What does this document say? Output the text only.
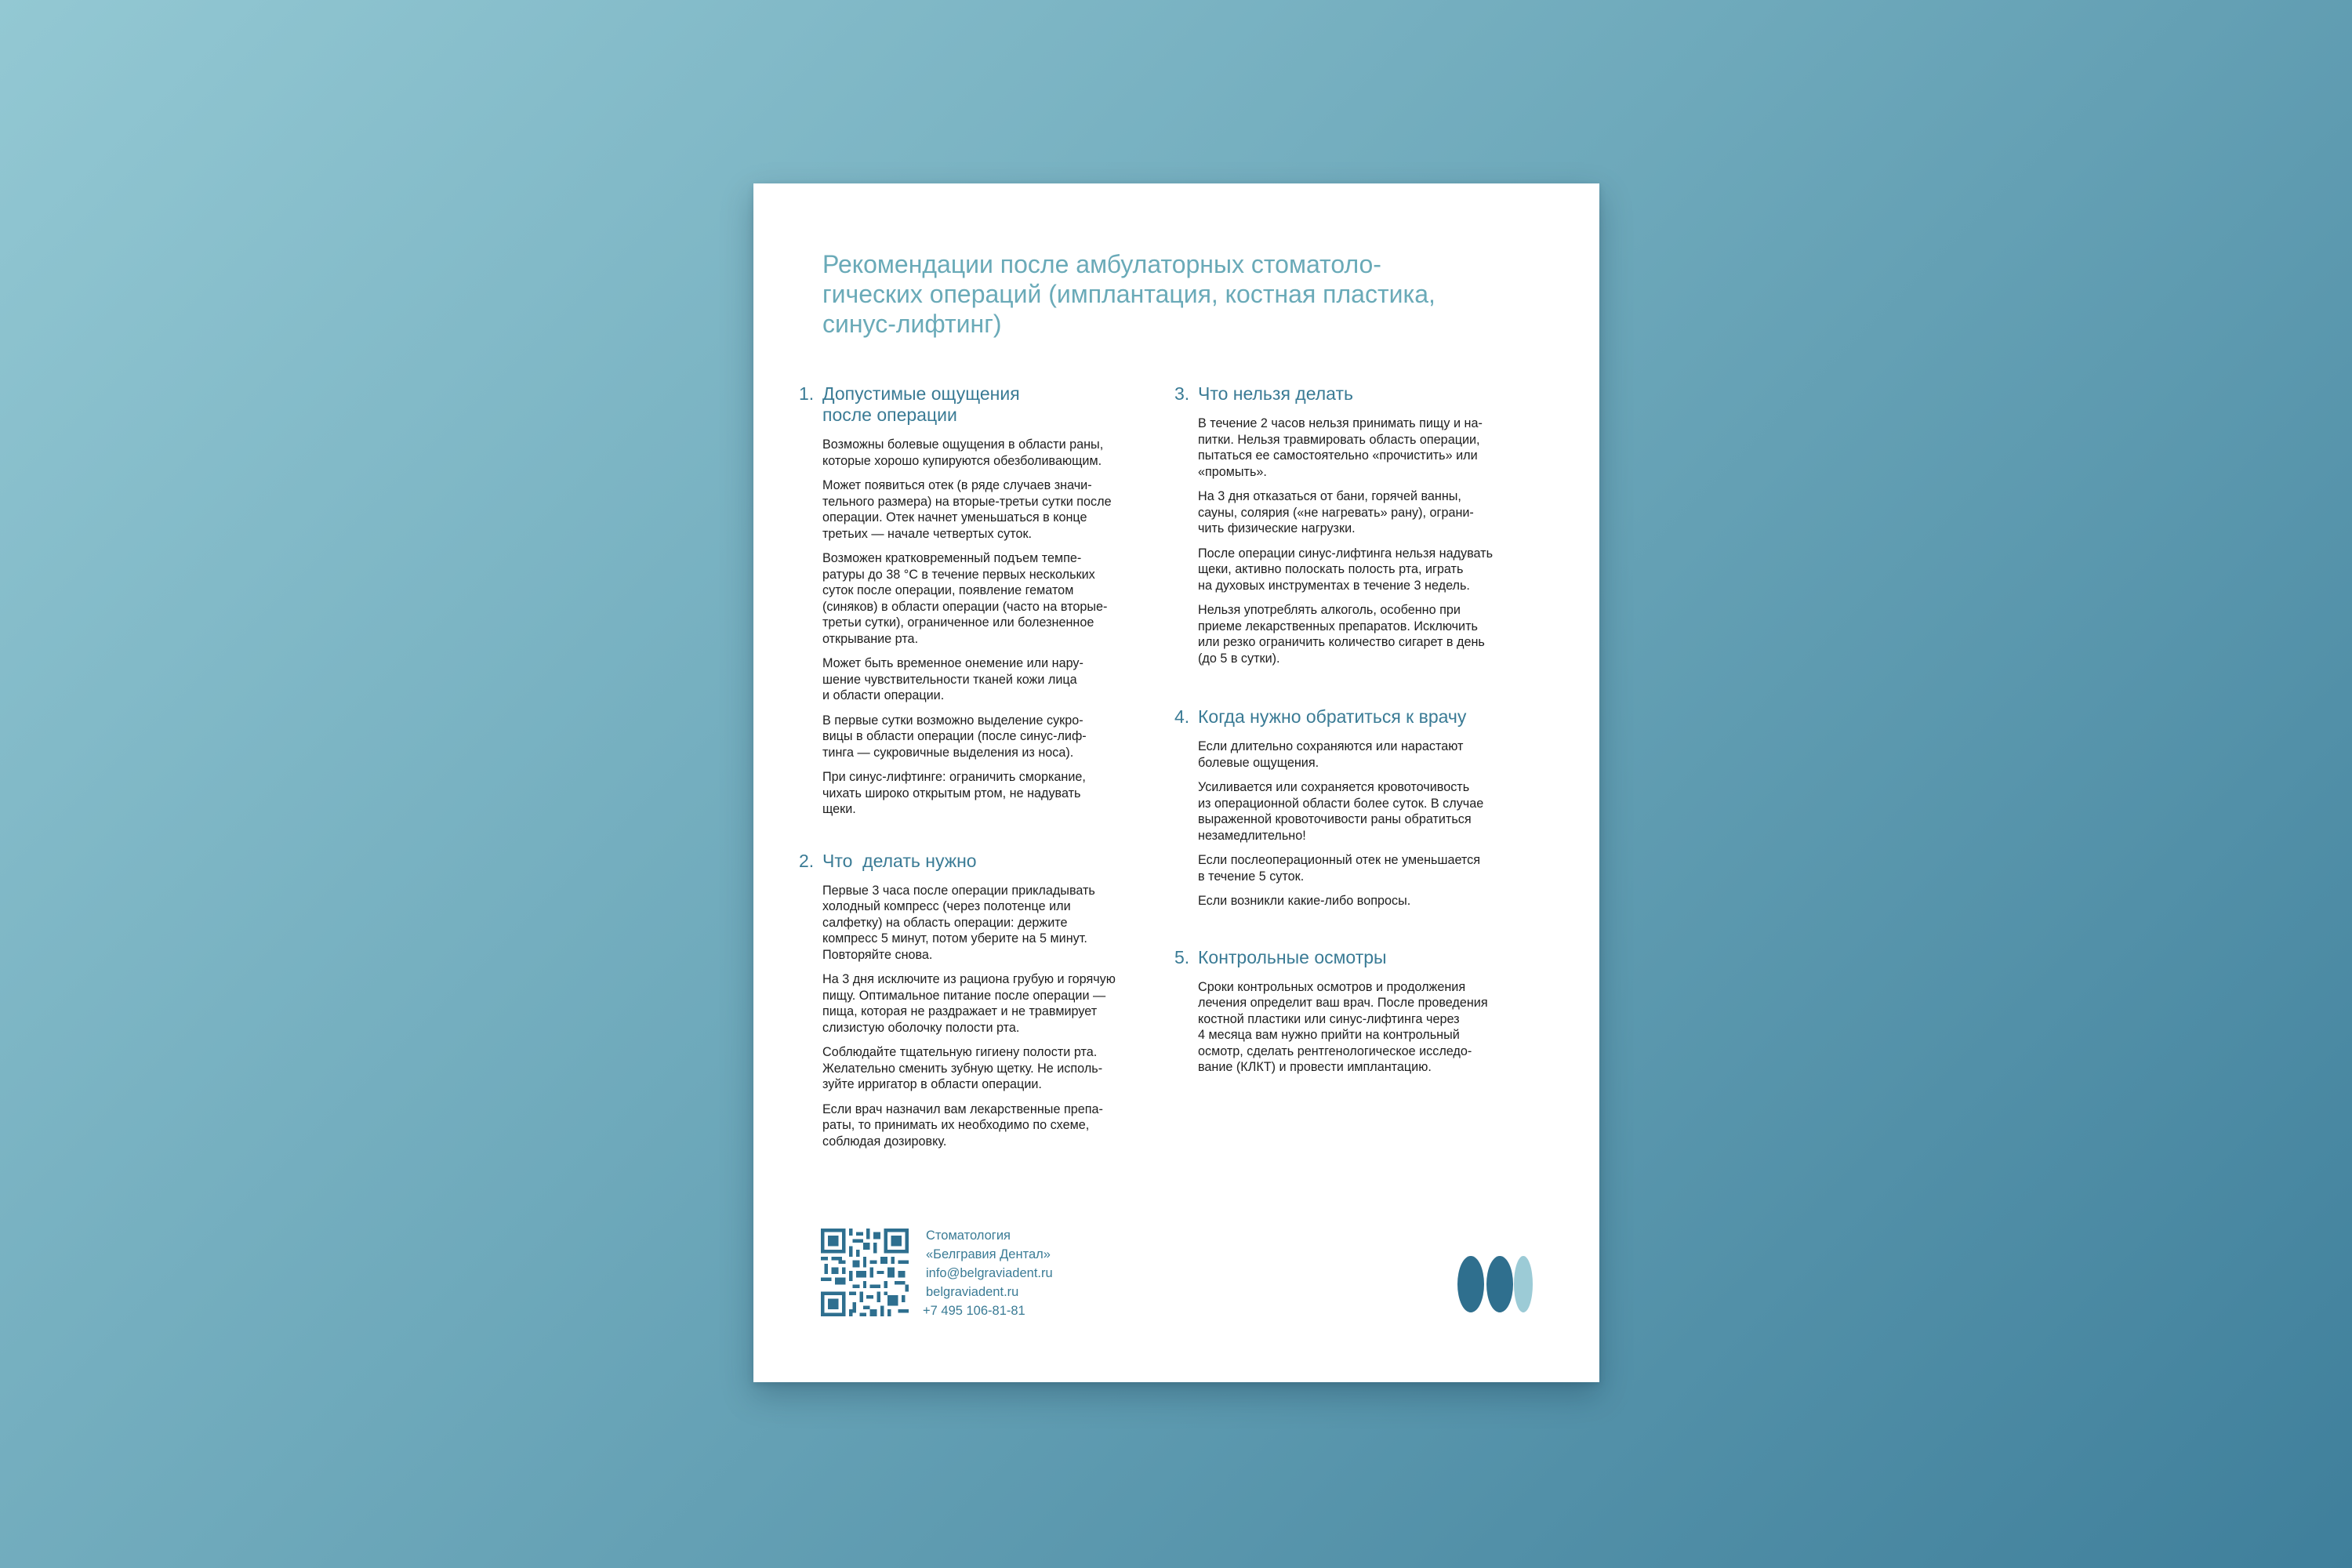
Рекомендации после амбулаторных стоматоло-
гических операций (имплантация, костная пластика,
синус-лифтинг)
1. Допустимые ощущения
после операции

Возможны болевые ощущения в области раны,
которые хорошо купируются обезболивающим.

Может появиться отек (в ряде случаев значи-
тельного размера) на вторые-третьи сутки после
операции. Отек начнет уменьшаться в конце
третьих — начале четвертых суток.

Возможен кратковременный подъем темпе-
ратуры до 38 °C в течение первых нескольких
суток после операции, появление гематом
(синяков) в области операции (часто на вторые-
третьи сутки), ограниченное или болезненное
открывание рта.

Может быть временное онемение или нару-
шение чувствительности тканей кожи лица
и области операции.

В первые сутки возможно выделение сукро-
вицы в области операции (после синус-лиф-
тинга — сукровичные выделения из носа).

При синус-лифтинге: ограничить сморкание,
чихать широко открытым ртом, не надувать
щеки.

2. Что  делать нужно

Первые 3 часа после операции прикладывать
холодный компресс (через полотенце или
салфетку) на область операции: держите
компресс 5 минут, потом уберите на 5 минут.
Повторяйте снова.

На 3 дня исключите из рациона грубую и горячую
пищу. Оптимальное питание после операции —
пища, которая не раздражает и не травмирует
слизистую оболочку полости рта.

Соблюдайте тщательную гигиену полости рта.
Желательно сменить зубную щетку. Не исполь-
зуйте ирригатор в области операции.

Если врач назначил вам лекарственные препа-
раты, то принимать их необходимо по схеме,
соблюдая дозировку.

3. Что нельзя делать

В течение 2 часов нельзя принимать пищу и на-
питки. Нельзя травмировать область операции,
пытаться ее самостоятельно «прочистить» или
«промыть».

На 3 дня отказаться от бани, горячей ванны,
сауны, солярия («не нагревать» рану), ограни-
чить физические нагрузки.

После операции синус-лифтинга нельзя надувать
щеки, активно полоскать полость рта, играть
на духовых инструментах в течение 3 недель.

Нельзя употреблять алкоголь, особенно при
приеме лекарственных препаратов. Исключить
или резко ограничить количество сигарет в день
(до 5 в сутки).

4. Когда нужно обратиться к врачу

Если длительно сохраняются или нарастают
болевые ощущения.

Усиливается или сохраняется кровоточивость
из операционной области более суток. В случае
выраженной кровоточивости раны обратиться
незамедлительно!

Если послеоперационный отек не уменьшается
в течение 5 суток.

Если возникли какие-либо вопросы.

5. Контрольные осмотры

Сроки контрольных осмотров и продолжения
лечения определит ваш врач. После проведения
костной пластики или синус-лифтинга через
4 месяца вам нужно прийти на контрольный
осмотр, сделать рентгенологическое исследо-
вание (КЛКТ) и провести имплантацию.

Стоматология
«Белгравия Дентал»
info@belgraviadent.ru
belgraviadent.ru
+7 495 106-81-81
